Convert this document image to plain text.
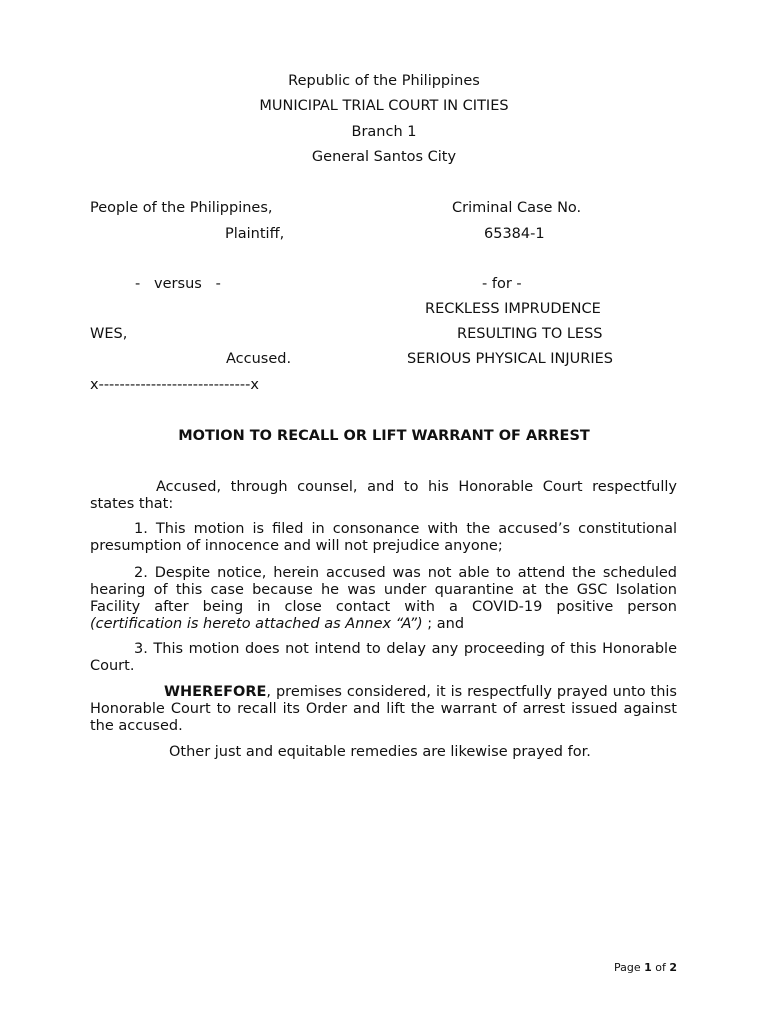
Republic of the Philippines
MUNICIPAL TRIAL COURT IN CITIES
Branch 1
General Santos City
People of the Philippines,
Plaintiff,
-   versus   -
WES,
Accused.
x-----------------------------x
Criminal Case No.
65384-1
- for -
RECKLESS IMPRUDENCE
RESULTING TO LESS
SERIOUS PHYSICAL INJURIES
MOTION TO RECALL OR LIFT WARRANT OF ARREST
Accused, through counsel, and to his Honorable Court respectfully states that:
1. This motion is filed in consonance with the accused’s constitutional presumption of innocence and will not prejudice anyone;
2. Despite notice, herein accused was not able to attend the scheduled hearing of this case because he was under quarantine at the GSC Isolation Facility after being in close contact with a COVID-19 positive person (certification is hereto attached as Annex “A”) ; and
3. This motion does not intend to delay any proceeding of this Honorable Court.
WHEREFORE, premises considered, it is respectfully prayed unto this Honorable Court to recall its Order and lift the warrant of arrest issued against the accused.
Other just and equitable remedies are likewise prayed for.
Page 1 of 2
